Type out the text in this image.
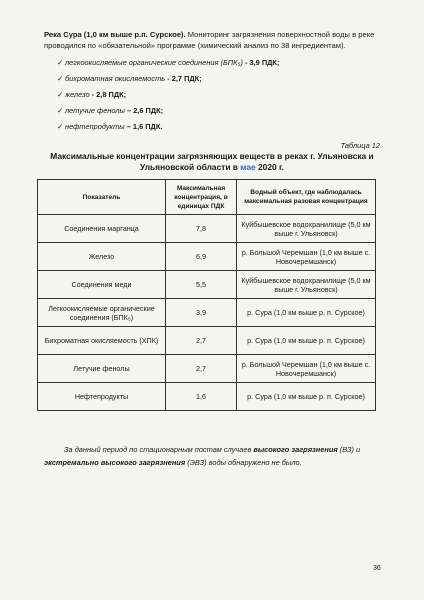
Река Сура (1,0 км выше р.п. Сурское). Мониторинг загрязнения поверхностной воды в реке проводился по «обязательной» программе (химический анализ по 38 ингредиентам).
✓ легкоокисляемые органические соединения (БПК₅) - 3,9 ПДК;
✓ бихроматная окисляемость - 2,7 ПДК;
✓ железо - 2,8 ПДК;
✓ летучие фенолы – 2,6 ПДК;
✓ нефтепродукты – 1,6 ПДК.
Таблица 12
Максимальные концентрации загрязняющих веществ в реках г. Ульяновска и Ульяновской области в мае 2020 г.
Показатель	Максимальная концентрация, в единицах ПДК	Водный объект, где наблюдалась максимальная разовая концентрация
Соединения марганца	7,8	Куйбышевское водохранилище (5,0 км выше г. Ульяновск)
Железо	6,9	р. Большой Черемшан (1,0 км выше с. Новочеремшанск)
Соединения меди	5,5	Куйбышевское водохранилище (5,0 км выше г. Ульяновск)
Легкоокисляемые органические соединения (БПК₅)	3,9	р. Сура (1,0 км выше р. п. Сурское)
Бихроматная окисляемость (ХПК)	2,7	р. Сура (1,0 км выше р. п. Сурское)
Летучие фенолы	2,7	р. Большой Черемшан (1,0 км выше с. Новочеремшанск)
Нефтепродукты	1,6	р. Сура (1,0 км выше р. п. Сурское)
За данный период по стационарным постам случаев высокого загрязнения (ВЗ) и экстремально высокого загрязнения (ЭВЗ) воды обнаружено не было.
36
